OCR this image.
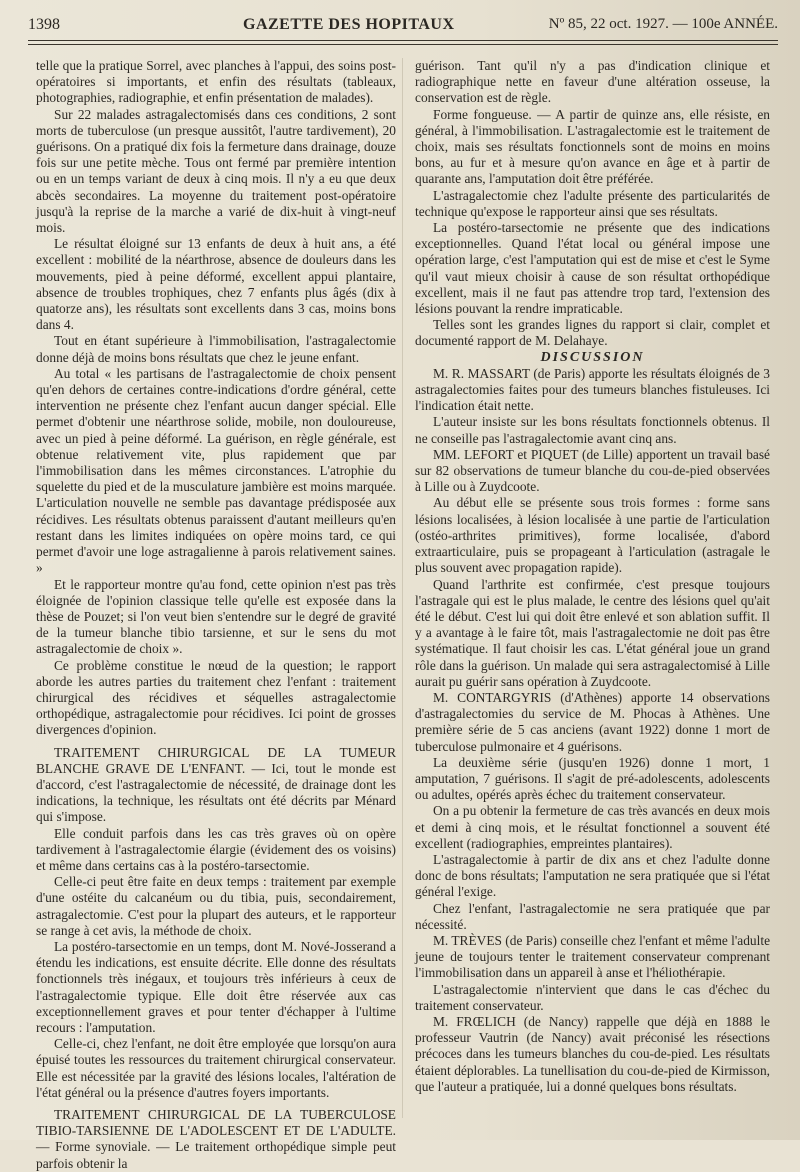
1398	GAZETTE DES HOPITAUX	Nº 85, 22 oct. 1927. — 100e ANNÉE.

telle que la pratique Sorrel, avec planches à l'appui, des soins post-opératoires si importants, et enfin des résultats (tableaux, photographies, radiographie, et enfin présentation de malades).

Sur 22 malades astragalectomisés dans ces conditions, 2 sont morts de tuberculose (un presque aussitôt, l'autre tardivement), 20 guérisons. On a pratiqué dix fois la fermeture dans drainage, douze fois sur une petite mèche. Tous ont fermé par première intention ou en un temps variant de deux à cinq mois. Il n'y a eu que deux abcès secondaires. La moyenne du traitement post-opératoire jusqu'à la reprise de la marche a varié de dix-huit à vingt-neuf mois.

Le résultat éloigné sur 13 enfants de deux à huit ans, a été excellent : mobilité de la néarthrose, absence de douleurs dans les mouvements, pied à peine déformé, excellent appui plantaire, absence de troubles trophiques, chez 7 enfants plus âgés (dix à quatorze ans), les résultats sont excellents dans 3 cas, moins bons dans 4.

Tout en étant supérieure à l'immobilisation, l'astragalectomie donne déjà de moins bons résultats que chez le jeune enfant.

Au total « les partisans de l'astragalectomie de choix pensent qu'en dehors de certaines contre-indications d'ordre général, cette intervention ne présente chez l'enfant aucun danger spécial. Elle permet d'obtenir une néarthrose solide, mobile, non douloureuse, avec un pied à peine déformé. La guérison, en règle générale, est obtenue relativement vite, plus rapidement que par l'immobilisation dans les mêmes circonstances. L'atrophie du squelette du pied et de la musculature jambière est moins marquée. L'articulation nouvelle ne semble pas davantage prédisposée aux récidives. Les résultats obtenus paraissent d'autant meilleurs qu'en restant dans les limites indiquées on opère moins tard, ce qui permet d'avoir une loge astragalienne à parois relativement saines. »

Et le rapporteur montre qu'au fond, cette opinion n'est pas très éloignée de l'opinion classique telle qu'elle est exposée dans la thèse de Pouzet; si l'on veut bien s'entendre sur le degré de gravité de la tumeur blanche tibio tarsienne, et sur le sens du mot astragalectomie de choix ».

Ce problème constitue le nœud de la question; le rapport aborde les autres parties du traitement chez l'enfant : traitement chirurgical des récidives et séquelles astragalectomie orthopédique, astragalectomie pour récidives. Ici point de grosses divergences d'opinion.

TRAITEMENT CHIRURGICAL DE LA TUMEUR BLANCHE GRAVE DE L'ENFANT. — Ici, tout le monde est d'accord, c'est l'astragalectomie de nécessité, de drainage dont les indications, la technique, les résultats ont été décrits par Ménard qui s'impose.

Elle conduit parfois dans les cas très graves où on opère tardivement à l'astragalectomie élargie (évidement des os voisins) et même dans certains cas à la postéro-tarsectomie.

Celle-ci peut être faite en deux temps : traitement par exemple d'une ostéite du calcanéum ou du tibia, puis, secondairement, astragalectomie. C'est pour la plupart des auteurs, et le rapporteur se range à cet avis, la méthode de choix.

La postéro-tarsectomie en un temps, dont M. Nové-Josserand a étendu les indications, est ensuite décrite. Elle donne des résultats fonctionnels très inégaux, et toujours très inférieurs à ceux de l'astragalectomie typique. Elle doit être réservée aux cas exceptionnellement graves et pour tenter d'échapper à l'ultime recours : l'amputation.

Celle-ci, chez l'enfant, ne doit être employée que lorsqu'on aura épuisé toutes les ressources du traitement chirurgical conservateur. Elle est nécessitée par la gravité des lésions locales, l'altération de l'état général ou la présence d'autres foyers importants.

TRAITEMENT CHIRURGICAL DE LA TUBERCULOSE TIBIO-TARSIENNE DE L'ADOLESCENT ET DE L'ADULTE. — Forme synoviale. — Le traitement orthopédique simple peut parfois obtenir la

guérison. Tant qu'il n'y a pas d'indication clinique et radiographique nette en faveur d'une altération osseuse, la conservation est de règle.

Forme fongueuse. — A partir de quinze ans, elle résiste, en général, à l'immobilisation. L'astragalectomie est le traitement de choix, mais ses résultats fonctionnels sont de moins en moins bons, au fur et à mesure qu'on avance en âge et à partir de quarante ans, l'amputation doit être préférée.

L'astragalectomie chez l'adulte présente des particularités de technique qu'expose le rapporteur ainsi que ses résultats.

La postéro-tarsectomie ne présente que des indications exceptionnelles. Quand l'état local ou général impose une opération large, c'est l'amputation qui est de mise et c'est le Syme qu'il vaut mieux choisir à cause de son résultat orthopédique excellent, mais il ne faut pas attendre trop tard, l'extension des lésions pouvant la rendre impraticable.

Telles sont les grandes lignes du rapport si clair, complet et documenté rapport de M. Delahaye.

DISCUSSION

M. R. MASSART (de Paris) apporte les résultats éloignés de 3 astragalectomies faites pour des tumeurs blanches fistuleuses. Ici l'indication était nette.

L'auteur insiste sur les bons résultats fonctionnels obtenus. Il ne conseille pas l'astragalectomie avant cinq ans.

MM. LEFORT et PIQUET (de Lille) apportent un travail basé sur 82 observations de tumeur blanche du cou-de-pied observées à Lille ou à Zuydcoote.

Au début elle se présente sous trois formes : forme sans lésions localisées, à lésion localisée à une partie de l'articulation (ostéo-arthrites primitives), forme localisée, d'abord extraarticulaire, puis se propageant à l'articulation (astragale le plus souvent avec propagation rapide).

Quand l'arthrite est confirmée, c'est presque toujours l'astragale qui est le plus malade, le centre des lésions quel qu'ait été le début. C'est lui qui doit être enlevé et son ablation suffit. Il y a avantage à le faire tôt, mais l'astragalectomie ne doit pas être systématique. Il faut choisir les cas. L'état général joue un grand rôle dans la guérison. Un malade qui sera astragalectomisé à Lille aurait pu guérir sans opération à Zuydcoote.

M. CONTARGYRIS (d'Athènes) apporte 14 observations d'astragalectomies du service de M. Phocas à Athènes. Une première série de 5 cas anciens (avant 1922) donne 1 mort de tuberculose pulmonaire et 4 guérisons.

La deuxième série (jusqu'en 1926) donne 1 mort, 1 amputation, 7 guérisons. Il s'agit de pré-adolescents, adolescents ou adultes, opérés après échec du traitement conservateur.

On a pu obtenir la fermeture de cas très avancés en deux mois et demi à cinq mois, et le résultat fonctionnel a souvent été excellent (radiographies, empreintes plantaires).

L'astragalectomie à partir de dix ans et chez l'adulte donne donc de bons résultats; l'amputation ne sera pratiquée que si l'état général l'exige.

Chez l'enfant, l'astragalectomie ne sera pratiquée que par nécessité.

M. TRÈVES (de Paris) conseille chez l'enfant et même l'adulte jeune de toujours tenter le traitement conservateur comprenant l'immobilisation dans un appareil à anse et l'héliothérapie.

L'astragalectomie n'intervient que dans le cas d'échec du traitement conservateur.

M. FRŒLICH (de Nancy) rappelle que déjà en 1888 le professeur Vautrin (de Nancy) avait préconisé les résections précoces dans les tumeurs blanches du cou-de-pied. Les résultats étaient déplorables. La tunellisation du cou-de-pied de Kirmisson, que l'auteur a pratiquée, lui a donné quelques bons résultats.
